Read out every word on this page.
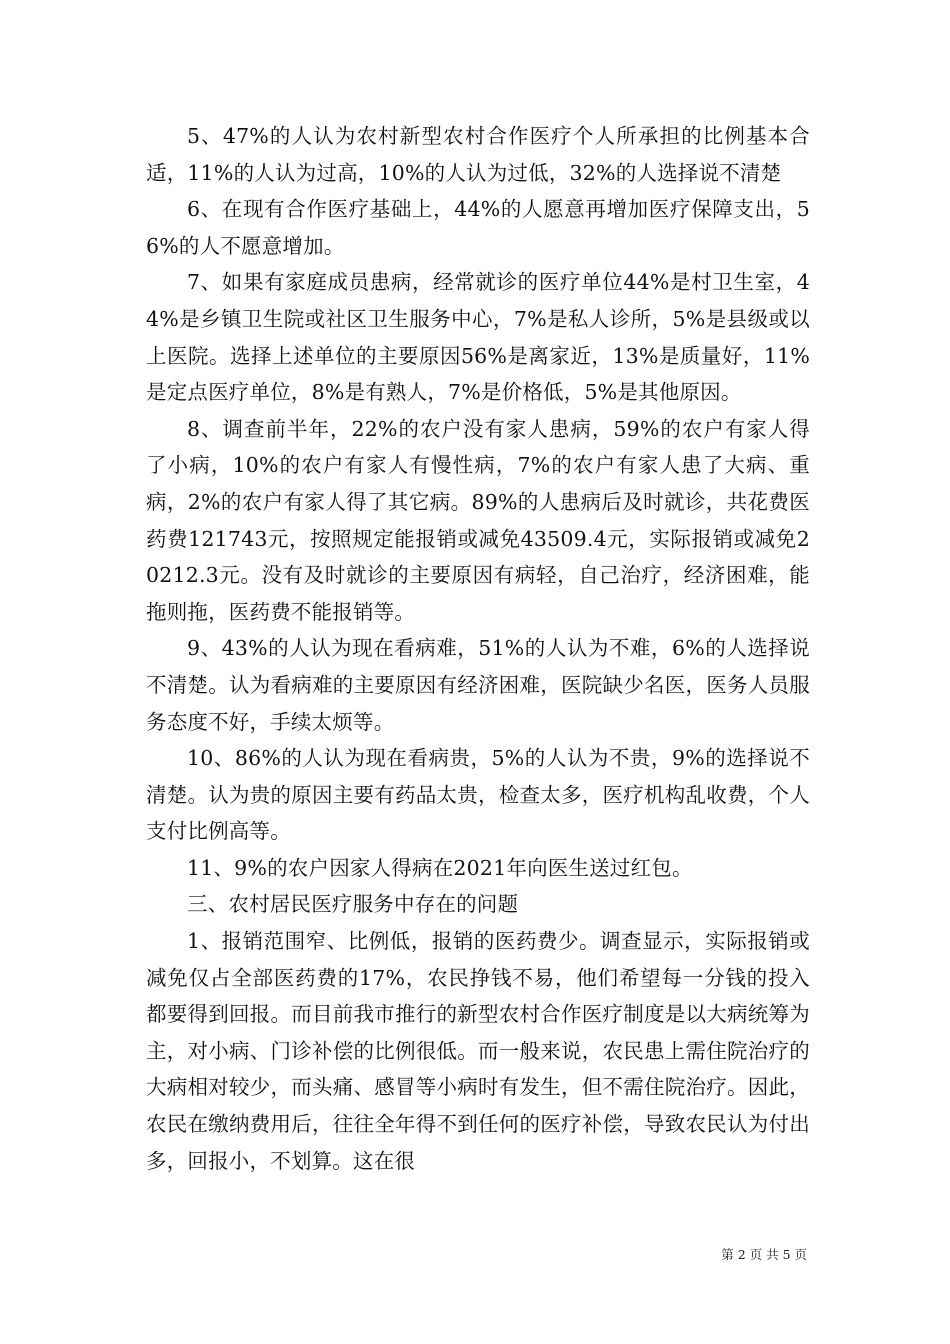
5、47%的人认为农村新型农村合作医疗个人所承担的比例基本合适，11%的人认为过高，10%的人认为过低，32%的人选择说不清楚

6、在现有合作医疗基础上，44%的人愿意再增加医疗保障支出，56%的人不愿意增加。

7、如果有家庭成员患病，经常就诊的医疗单位44%是村卫生室，44%是乡镇卫生院或社区卫生服务中心，7%是私人诊所，5%是县级或以上医院。选择上述单位的主要原因56%是离家近，13%是质量好，11%是定点医疗单位，8%是有熟人，7%是价格低，5%是其他原因。

8、调查前半年，22%的农户没有家人患病，59%的农户有家人得了小病，10%的农户有家人有慢性病，7%的农户有家人患了大病、重病，2%的农户有家人得了其它病。89%的人患病后及时就诊，共花费医药费121743元，按照规定能报销或减免43509.4元，实际报销或减免20212.3元。没有及时就诊的主要原因有病轻，自己治疗，经济困难，能拖则拖，医药费不能报销等。

9、43%的人认为现在看病难，51%的人认为不难，6%的人选择说不清楚。认为看病难的主要原因有经济困难，医院缺少名医，医务人员服务态度不好，手续太烦等。

10、86%的人认为现在看病贵，5%的人认为不贵，9%的选择说不清楚。认为贵的原因主要有药品太贵，检查太多，医疗机构乱收费，个人支付比例高等。

11、9%的农户因家人得病在2021年向医生送过红包。

三、农村居民医疗服务中存在的问题

1、报销范围窄、比例低，报销的医药费少。调查显示，实际报销或减免仅占全部医药费的17%，农民挣钱不易，他们希望每一分钱的投入都要得到回报。而目前我市推行的新型农村合作医疗制度是以大病统筹为主，对小病、门诊补偿的比例很低。而一般来说，农民患上需住院治疗的大病相对较少，而头痛、感冒等小病时有发生，但不需住院治疗。因此，农民在缴纳费用后，往往全年得不到任何的医疗补偿，导致农民认为付出多，回报小，不划算。这在很

第 2 页 共 5 页
